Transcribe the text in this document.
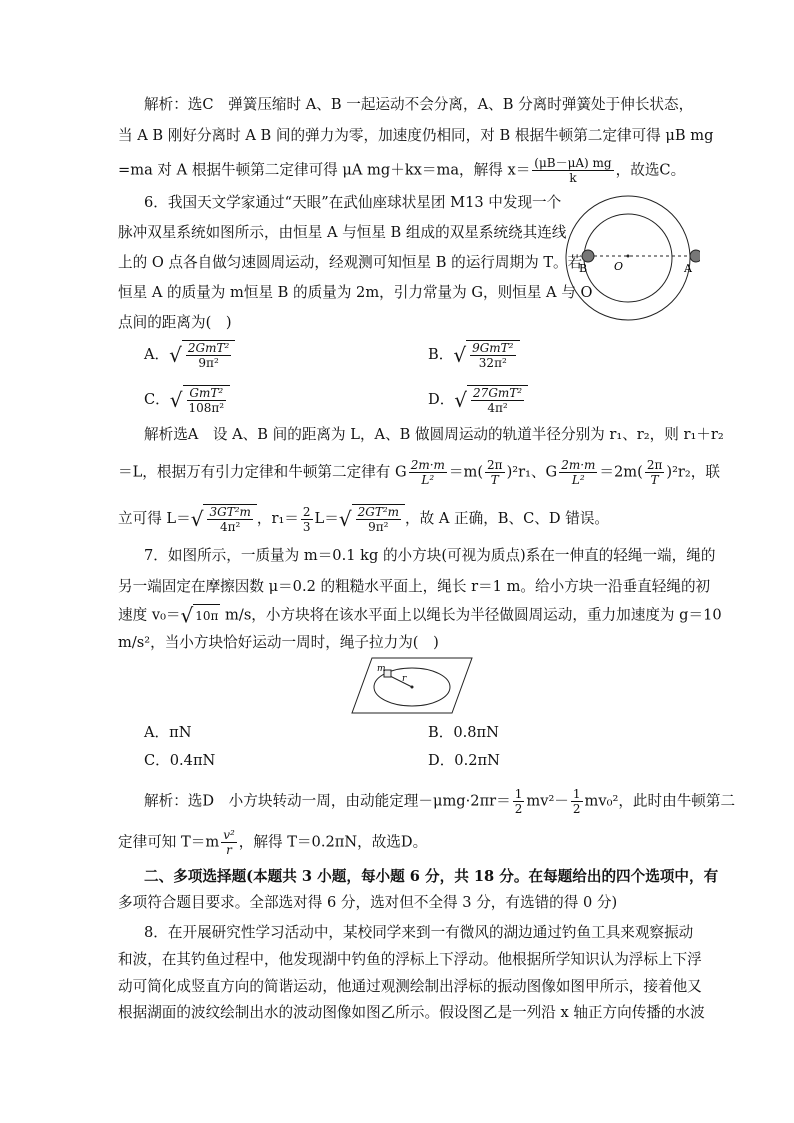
解析：选C　弹簧压缩时 A、B 一起运动不会分离，A、B 分离时弹簧处于伸长状态，
当 A B 刚好分离时 A B 间的弹力为零，加速度仍相同，对 B 根据牛顿第二定律可得 μB mg
=ma 对 A 根据牛顿第二定律可得 μA mg＋kx＝ma，解得 $x= \frac{(\mu B-\mu A) mg}{k}$ ，故选C。
6．我国天文学家通过“天眼”在武仙座球状星团 M13 中发现一个
脉冲双星系统如图所示，由恒星 A 与恒星 B 组成的双星系统绕其连线
上的 O 点各自做匀速圆周运动，经观测可知恒星 B 的运行周期为 T。若
恒星 A 的质量为 m恒星 B 的质量为 2m，引力常量为 G，则恒星 A 与 O
点间的距离为(　)
B O	A
A．√ $\frac{\text{2GmT²}}{\text{9π²}}$	B．√ $\frac{\text{9GmT²}}{\text{32π²}}$
C．√ $\frac{\text{GmT²}}{\text{108π²}}$	D．√ $\frac{\text{27GmT²}}{\text{4π²}}$
解析选A　设 A、B 间的距离为 L，A、B 做圆周运动的轨道半径分别为 r₁、r₂，则 r₁＋r₂
＝L，根据万有引力定律和牛顿第二定律有 G $\frac{2m\cdot m}{\text{L²}} =m( \frac{2\pi}{T} )^2r_1$、G $\frac{2m\cdot m}{\text{L²}} =2m( \frac{2\pi}{T} )^2r_2$，联
立可得 $L=√ \frac{\text{3GT²m}}{\text{4π²}}$ ，$r_1= \frac{2}{3} L=√ \frac{\text{2GT²m}}{\text{9π²}}$ ，故 A 正确，B、C、D 错误。
7．如图所示，一质量为 m＝0.1 kg 的小方块(可视为质点)系在一伸直的轻绳一端，绳的
另一端固定在摩擦因数 μ＝0.2 的粗糙水平面上，绳长 r＝1 m。给小方块一沿垂直轻绳的初
速度 v₀＝√ 10π m/s，小方块将在该水平面上以绳长为半径做圆周运动，重力加速度为 g＝10
m/s²，当小方块恰好运动一周时，绳子拉力为(　)
m
r
A．πN	B．0.8πN
C．0.4πN	D．0.2πN
解析：选D　小方块转动一周，由动能定理$-\mu mg\cdot 2\pi r= \frac{1}{2} mv^2- \frac{1}{2} mv_0^2$，此时由牛顿第二
定律可知 $T=m \frac{\text{v²}}{r}$ ，解得 T＝0.2πN，故选D。
二、多项选择题(本题共 3 小题，每小题 6 分，共 18 分。在每题给出的四个选项中，有
多项符合题目要求。全部选对得 6 分，选对但不全得 3 分，有选错的得 0 分)
8．在开展研究性学习活动中，某校同学来到一有微风的湖边通过钓鱼工具来观察振动
和波，在其钓鱼过程中，他发现湖中钓鱼的浮标上下浮动。他根据所学知识认为浮标上下浮
动可简化成竖直方向的简谐运动，他通过观测绘制出浮标的振动图像如图甲所示，接着他又
根据湖面的波纹绘制出水的波动图像如图乙所示。假设图乙是一列沿 x 轴正方向传播的水波
